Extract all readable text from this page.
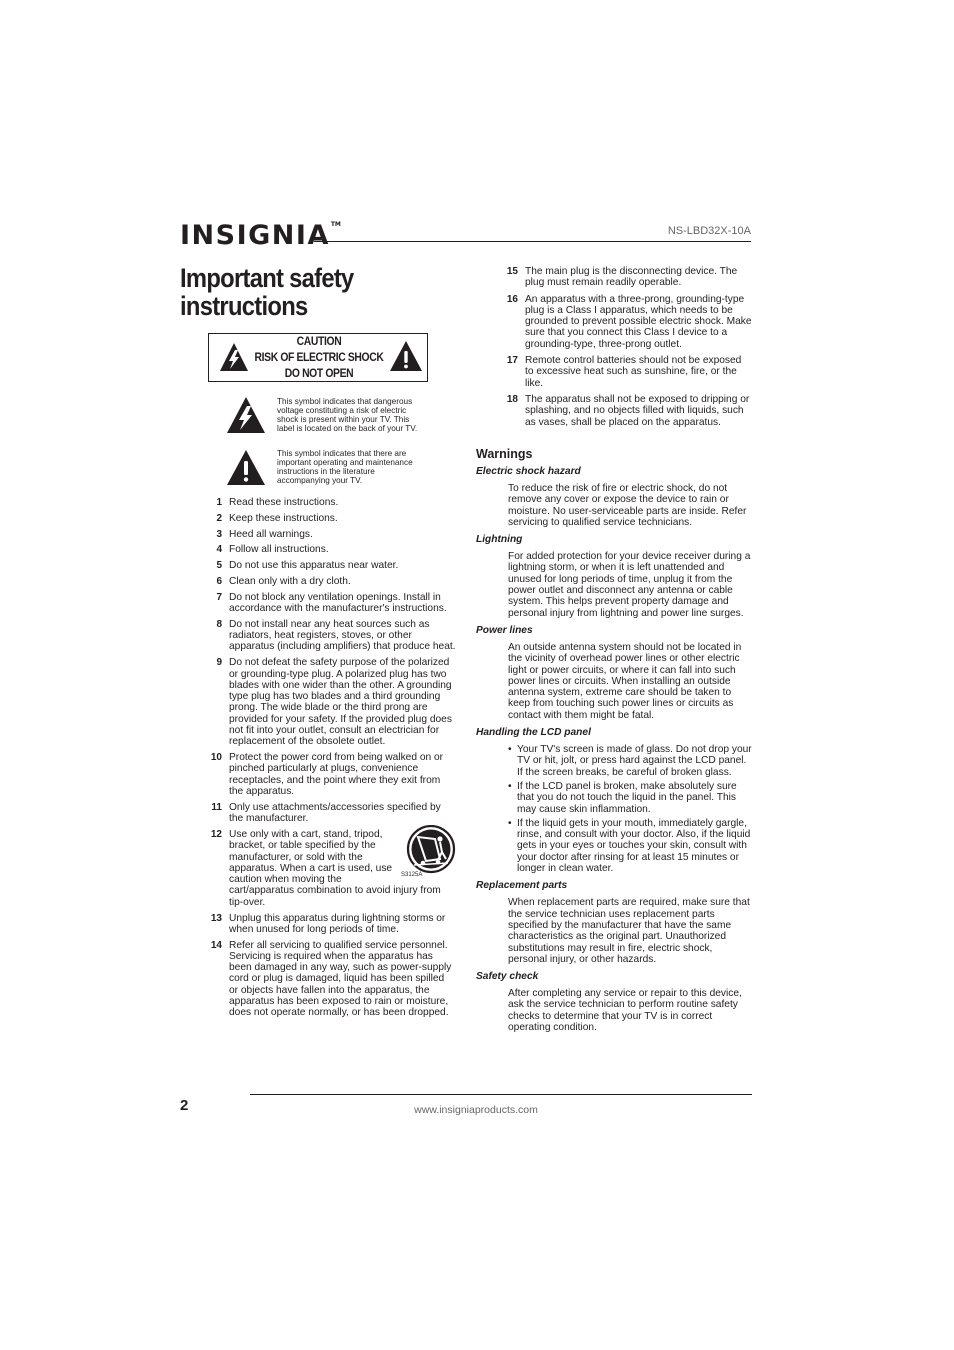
INSIGNIA™
NS-LBD32X-10A
Important safety
instructions
CAUTION
RISK OF ELECTRIC SHOCK
DO NOT OPEN
This symbol indicates that dangerous voltage constituting a risk of electric shock is present within your TV. This label is located on the back of your TV.
This symbol indicates that there are important operating and maintenance instructions in the literature accompanying your TV.
1 Read these instructions.
2 Keep these instructions.
3 Heed all warnings.
4 Follow all instructions.
5 Do not use this apparatus near water.
6 Clean only with a dry cloth.
7 Do not block any ventilation openings. Install in accordance with the manufacturer's instructions.
8 Do not install near any heat sources such as radiators, heat registers, stoves, or other apparatus (including amplifiers) that produce heat.
9 Do not defeat the safety purpose of the polarized or grounding-type plug. A polarized plug has two blades with one wider than the other. A grounding type plug has two blades and a third grounding prong. The wide blade or the third prong are provided for your safety. If the provided plug does not fit into your outlet, consult an electrician for replacement of the obsolete outlet.
10 Protect the power cord from being walked on or pinched particularly at plugs, convenience receptacles, and the point where they exit from the apparatus.
11 Only use attachments/accessories specified by the manufacturer.
12 Use only with a cart, stand, tripod, bracket, or table specified by the manufacturer, or sold with the apparatus. When a cart is used, use caution when moving the	S3125A
cart/apparatus combination to avoid injury from tip-over.
13 Unplug this apparatus during lightning storms or when unused for long periods of time.
14 Refer all servicing to qualified service personnel. Servicing is required when the apparatus has been damaged in any way, such as power-supply cord or plug is damaged, liquid has been spilled or objects have fallen into the apparatus, the apparatus has been exposed to rain or moisture, does not operate normally, or has been dropped.
15 The main plug is the disconnecting device. The plug must remain readily operable.
16 An apparatus with a three-prong, grounding-type plug is a Class I apparatus, which needs to be grounded to prevent possible electric shock. Make sure that you connect this Class I device to a grounding-type, three-prong outlet.
17 Remote control batteries should not be exposed to excessive heat such as sunshine, fire, or the like.
18 The apparatus shall not be exposed to dripping or splashing, and no objects filled with liquids, such as vases, shall be placed on the apparatus.
Warnings
Electric shock hazard
To reduce the risk of fire or electric shock, do not remove any cover or expose the device to rain or moisture. No user-serviceable parts are inside. Refer servicing to qualified service technicians.
Lightning
For added protection for your device receiver during a lightning storm, or when it is left unattended and unused for long periods of time, unplug it from the power outlet and disconnect any antenna or cable system. This helps prevent property damage and personal injury from lightning and power line surges.
Power lines
An outside antenna system should not be located in the vicinity of overhead power lines or other electric light or power circuits, or where it can fall into such power lines or circuits. When installing an outside antenna system, extreme care should be taken to keep from touching such power lines or circuits as contact with them might be fatal.
Handling the LCD panel
• Your TV's screen is made of glass. Do not drop your TV or hit, jolt, or press hard against the LCD panel. If the screen breaks, be careful of broken glass.
• If the LCD panel is broken, make absolutely sure that you do not touch the liquid in the panel. This may cause skin inflammation.
• If the liquid gets in your mouth, immediately gargle, rinse, and consult with your doctor. Also, if the liquid gets in your eyes or touches your skin, consult with your doctor after rinsing for at least 15 minutes or longer in clean water.
Replacement parts
When replacement parts are required, make sure that the service technician uses replacement parts specified by the manufacturer that have the same characteristics as the original part. Unauthorized substitutions may result in fire, electric shock, personal injury, or other hazards.
Safety check
After completing any service or repair to this device, ask the service technician to perform routine safety checks to determine that your TV is in correct operating condition.
2	www.insigniaproducts.com
